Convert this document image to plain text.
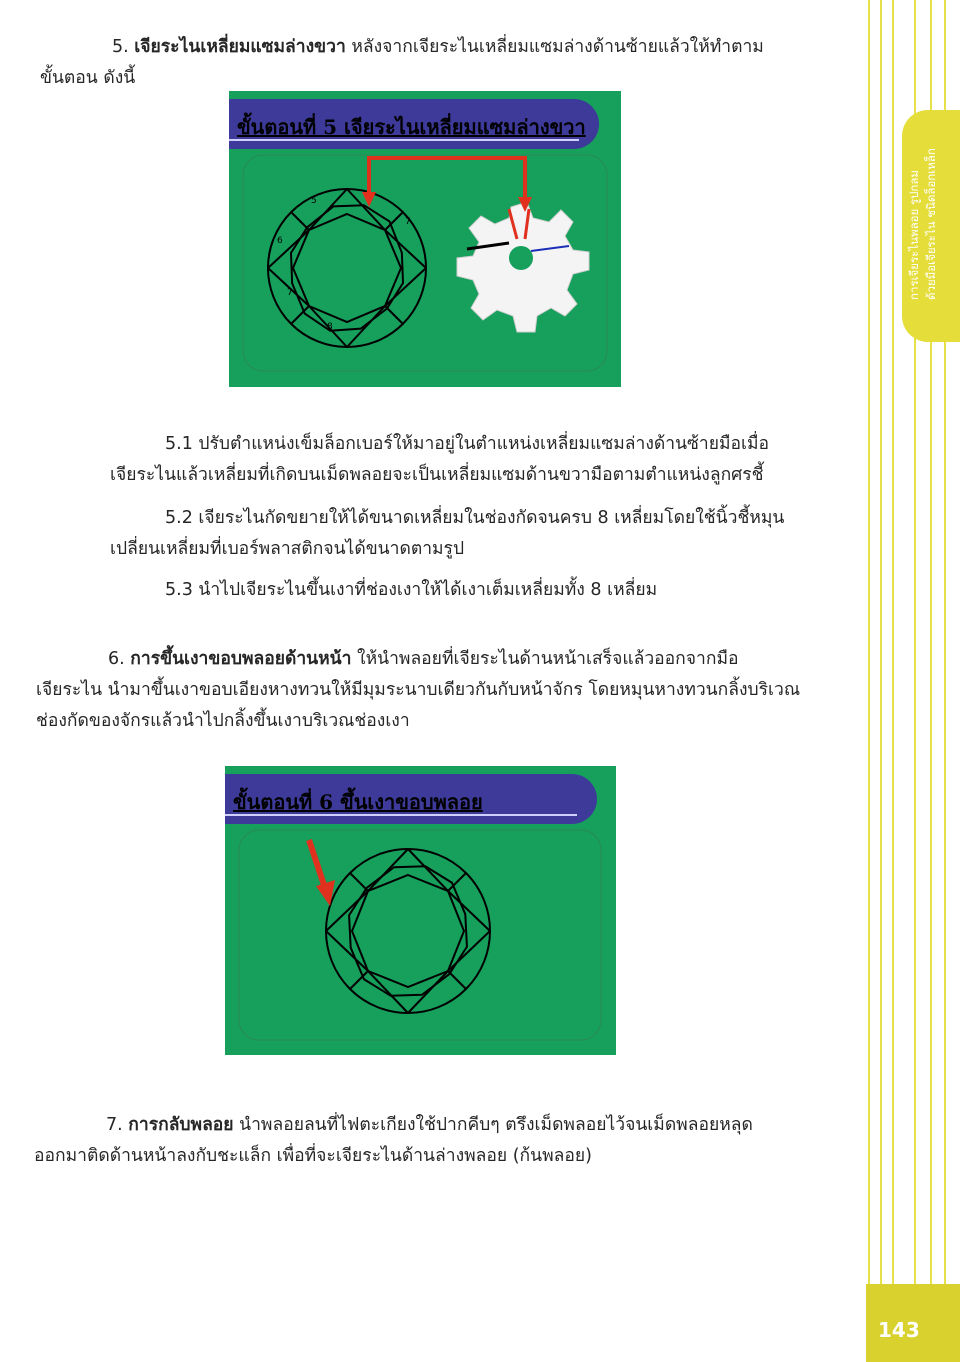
การเจียระไนพลอย รูปกลม ด้วยมือเจียระไน ชนิดล็อกเหล็ก
5. เจียระไนเหลี่ยมแซมล่างขวา หลังจากเจียระไนเหลี่ยมแซมล่างด้านซ้ายแล้วให้ทำตาม
ขั้นตอน ดังนี้
ขั้นตอนที่ 5 เจียระไนเหลี่ยมแซมล่างขวา
5
7
6
7
8
5.1 ปรับตำแหน่งเข็มล็อกเบอร์ให้มาอยู่ในตำแหน่งเหลี่ยมแซมล่างด้านซ้ายมือเมื่อ
เจียระไนแล้วเหลี่ยมที่เกิดบนเม็ดพลอยจะเป็นเหลี่ยมแซมด้านขวามือตามตำแหน่งลูกศรชี้
5.2 เจียระไนกัดขยายให้ได้ขนาดเหลี่ยมในช่องกัดจนครบ 8 เหลี่ยมโดยใช้นิ้วชี้หมุน
เปลี่ยนเหลี่ยมที่เบอร์พลาสติกจนได้ขนาดตามรูป
5.3 นำไปเจียระไนขึ้นเงาที่ช่องเงาให้ได้เงาเต็มเหลี่ยมทั้ง 8 เหลี่ยม
6. การขึ้นเงาขอบพลอยด้านหน้า ให้นำพลอยที่เจียระไนด้านหน้าเสร็จแล้วออกจากมือ
เจียระไน นำมาขึ้นเงาขอบเอียงหางทวนให้มีมุมระนาบเดียวกันกับหน้าจักร โดยหมุนหางทวนกลิ้งบริเวณ
ช่องกัดของจักรแล้วนำไปกลิ้งขึ้นเงาบริเวณช่องเงา
ขั้นตอนที่ 6 ขึ้นเงาขอบพลอย
7. การกลับพลอย นำพลอยลนที่ไฟตะเกียงใช้ปากคีบๆ ตรึงเม็ดพลอยไว้จนเม็ดพลอยหลุด
ออกมาติดด้านหน้าลงกับชะแล็ก เพื่อที่จะเจียระไนด้านล่างพลอย (ก้นพลอย)
143
